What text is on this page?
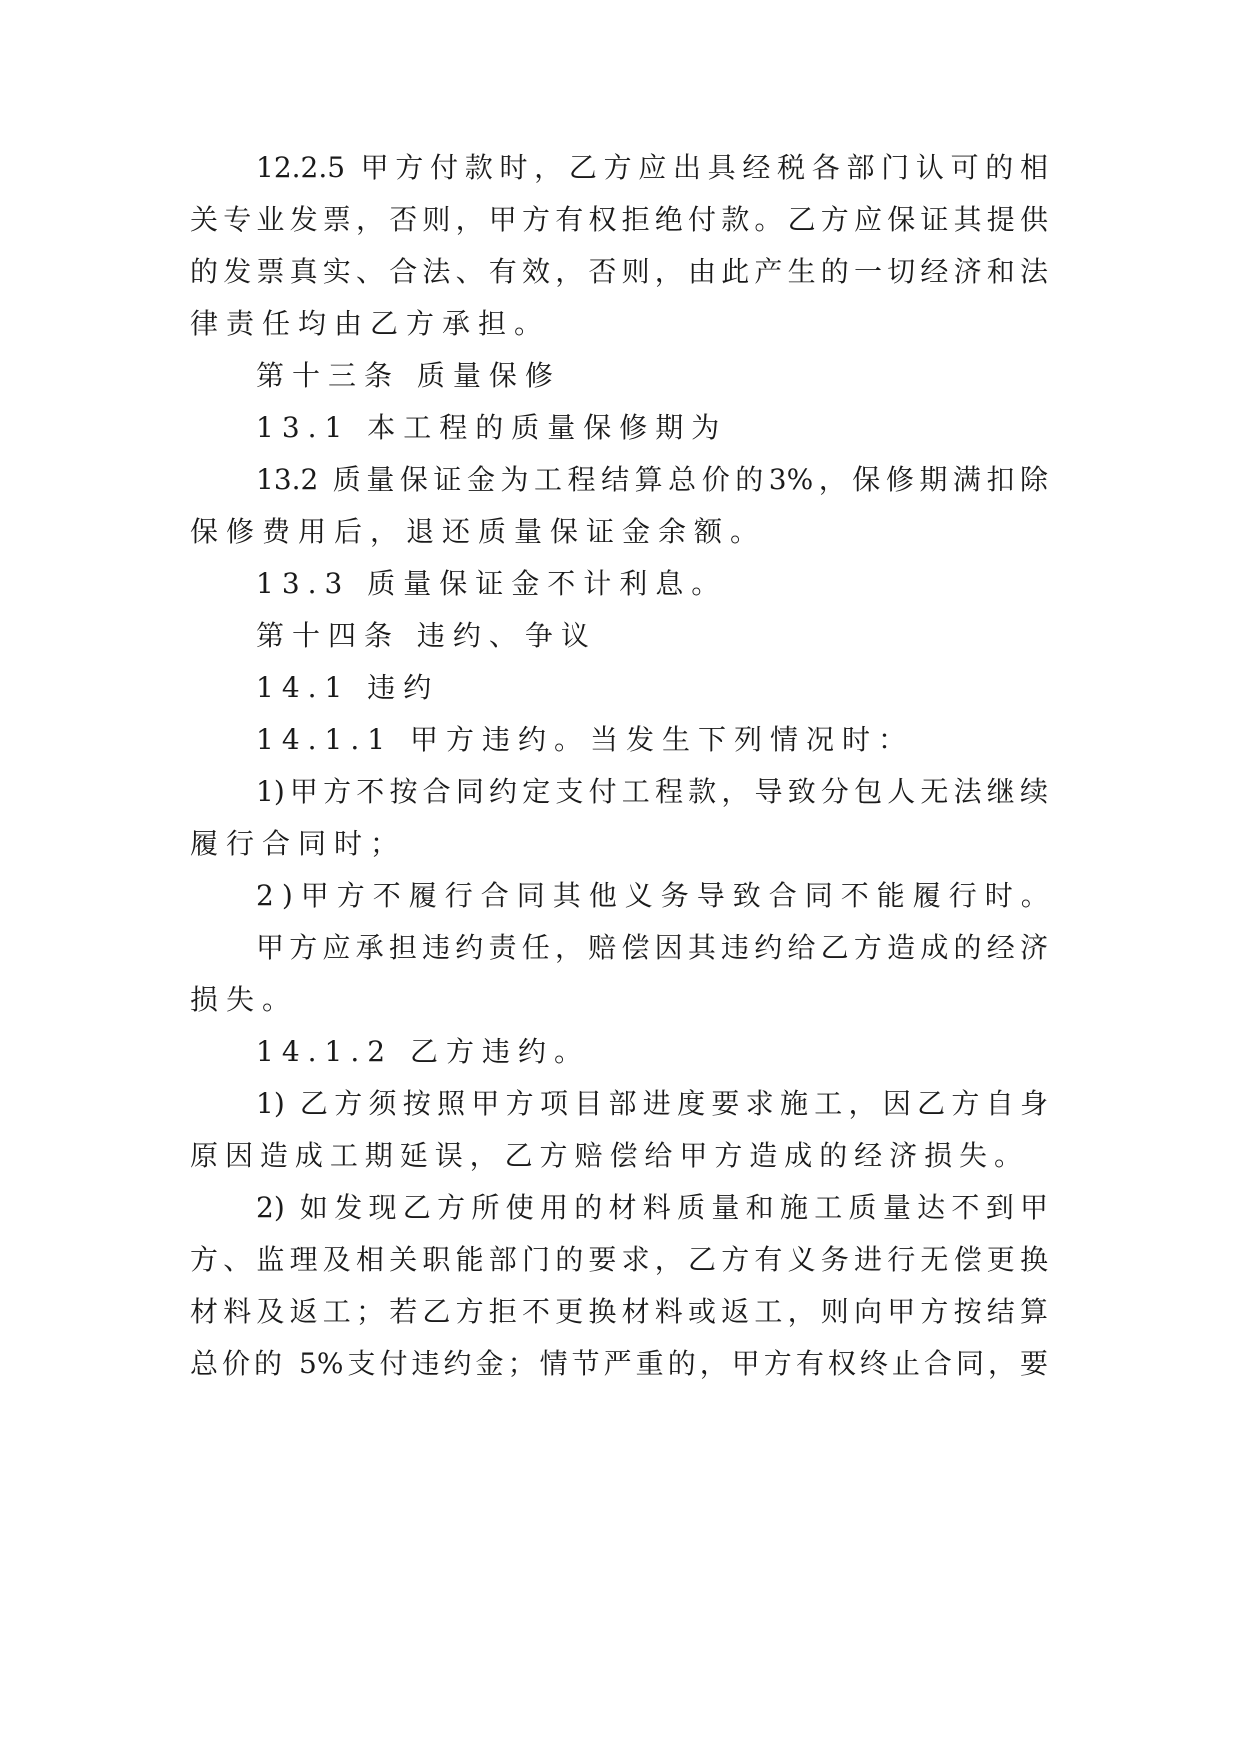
12.2.5 甲方付款时，乙方应出具经税各部门认可的相
关专业发票，否则，甲方有权拒绝付款。乙方应保证其提供
的发票真实、合法、有效，否则，由此产生的一切经济和法
律责任均由乙方承担。
第十三条 质量保修
13.1 本工程的质量保修期为
13.2 质量保证金为工程结算总价的3%，保修期满扣除
保修费用后，退还质量保证金余额。
13.3 质量保证金不计利息。
第十四条 违约、争议
14.1 违约
14.1.1 甲方违约。当发生下列情况时：
1)甲方不按合同约定支付工程款，导致分包人无法继续
履行合同时；
2)甲方不履行合同其他义务导致合同不能履行时。
甲方应承担违约责任，赔偿因其违约给乙方造成的经济
损失。
14.1.2 乙方违约。
1) 乙方须按照甲方项目部进度要求施工，因乙方自身
原因造成工期延误，乙方赔偿给甲方造成的经济损失。
2) 如发现乙方所使用的材料质量和施工质量达不到甲
方、监理及相关职能部门的要求，乙方有义务进行无偿更换
材料及返工；若乙方拒不更换材料或返工，则向甲方按结算
总价的 5%支付违约金；情节严重的，甲方有权终止合同，要
